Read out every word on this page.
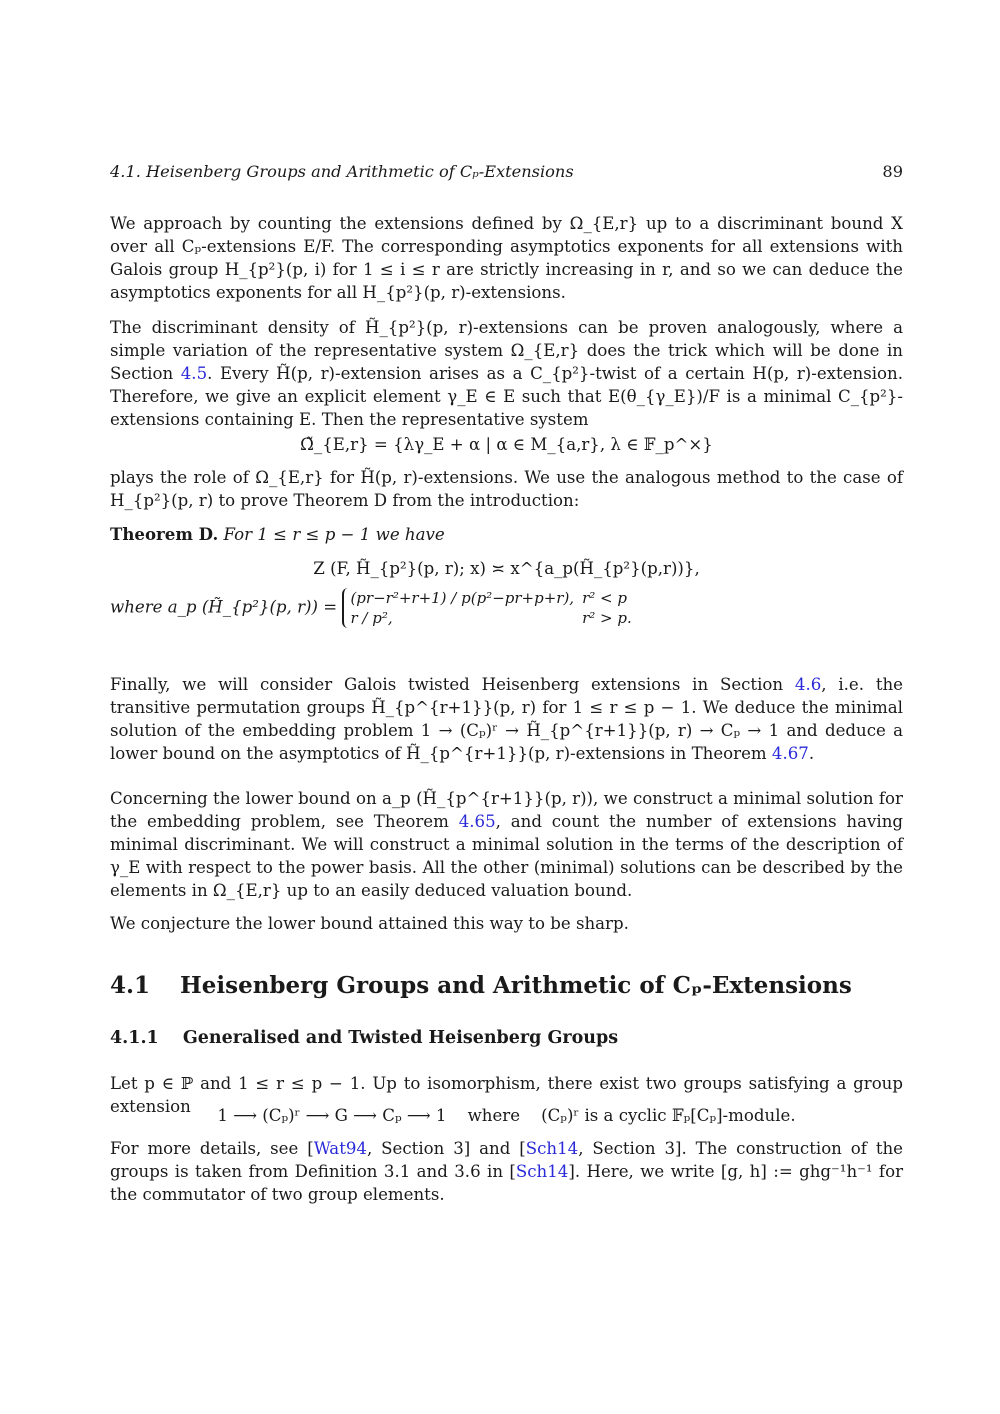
4.1. Heisenberg Groups and Arithmetic of Cₚ-Extensions	89

We approach by counting the extensions defined by Ω_{E,r} up to a discriminant bound X over all Cₚ-extensions E/F. The corresponding asymptotics exponents for all extensions with Galois group H_{p²}(p, i) for 1 ≤ i ≤ r are strictly increasing in r, and so we can deduce the asymptotics exponents for all H_{p²}(p, r)-extensions.

The discriminant density of H̃_{p²}(p, r)-extensions can be proven analogously, where a simple variation of the representative system Ω_{E,r} does the trick which will be done in Section 4.5. Every H̃(p, r)-extension arises as a C_{p²}-twist of a certain H(p, r)-extension. Therefore, we give an explicit element γ_E ∈ E such that E(θ_{γ_E})/F is a minimal C_{p²}-extensions containing E. Then the representative system

Ω̃_{E,r} = {λγ_E + α | α ∈ M_{a,r}, λ ∈ 𝔽_p^×}

plays the role of Ω_{E,r} for H̃(p, r)-extensions. We use the analogous method to the case of H_{p²}(p, r) to prove Theorem D from the introduction:

Theorem D. For 1 ≤ r ≤ p − 1 we have

Z (F, H̃_{p²}(p, r); x) ≍ x^{a_p(H̃_{p²}(p,r))},
where a_p (H̃_{p²}(p, r)) = (pr−r²+r+1) / p(p²−pr+p+r),	r² < p
r / p²,	r² > p.

Finally, we will consider Galois twisted Heisenberg extensions in Section 4.6, i.e. the transitive permutation groups H̃_{p^{r+1}}(p, r) for 1 ≤ r ≤ p − 1. We deduce the minimal solution of the embedding problem 1 → (Cₚ)ʳ → H̃_{p^{r+1}}(p, r) → Cₚ → 1 and deduce a lower bound on the asymptotics of H̃_{p^{r+1}}(p, r)-extensions in Theorem 4.67.

Concerning the lower bound on a_p (H̃_{p^{r+1}}(p, r)), we construct a minimal solution for the embedding problem, see Theorem 4.65, and count the number of extensions having minimal discriminant. We will construct a minimal solution in the terms of the description of γ_E with respect to the power basis. All the other (minimal) solutions can be described by the elements in Ω_{E,r} up to an easily deduced valuation bound.

We conjecture the lower bound attained this way to be sharp.

4.1 Heisenberg Groups and Arithmetic of Cₚ-Extensions
4.1.1 Generalised and Twisted Heisenberg Groups

Let p ∈ ℙ and 1 ≤ r ≤ p − 1. Up to isomorphism, there exist two groups satisfying a group extension	1 ⟶ (Cₚ)ʳ ⟶ G ⟶ Cₚ ⟶ 1    where    (Cₚ)ʳ is a cyclic 𝔽ₚ[Cₚ]-module.

For more details, see [Wat94, Section 3] and [Sch14, Section 3]. The construction of the groups is taken from Definition 3.1 and 3.6 in [Sch14]. Here, we write [g, h] := ghg⁻¹h⁻¹ for the commutator of two group elements.
